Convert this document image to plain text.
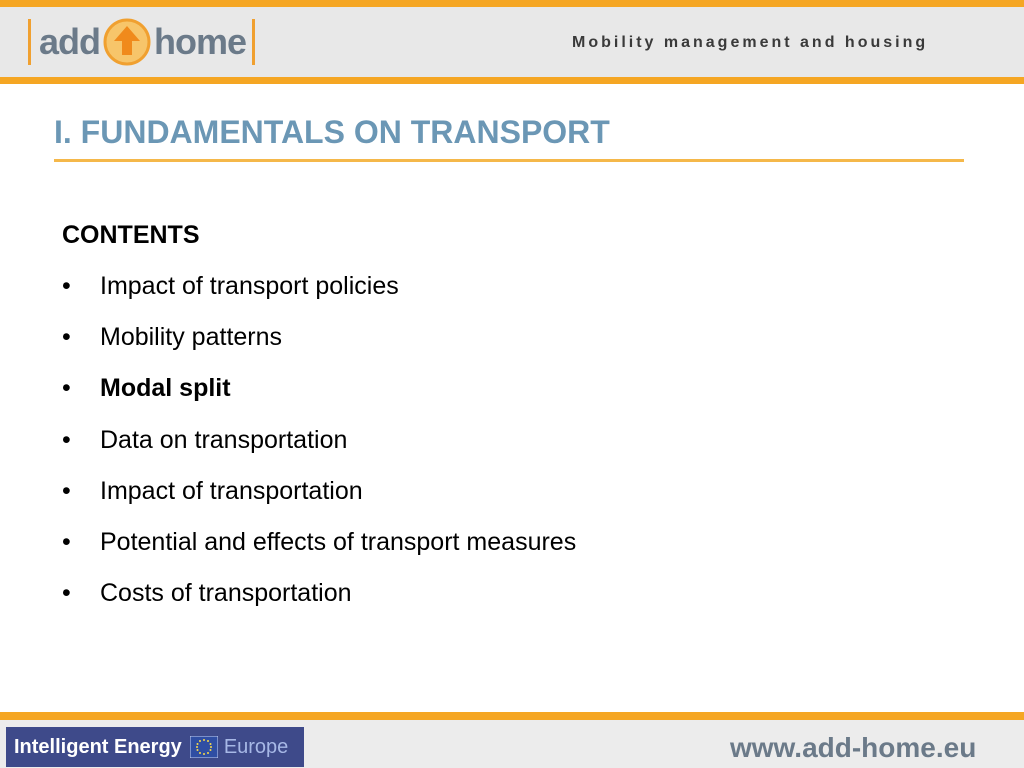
add home	Mobility management and housing
I. FUNDAMENTALS ON TRANSPORT
CONTENTS
•	Impact of transport policies
•	Mobility patterns
•	Modal split
•	Data on transportation
•	Impact of transportation
•	Potential and effects of transport measures
•	Costs of transportation
Intelligent Energy Europe	www.add-home.eu
